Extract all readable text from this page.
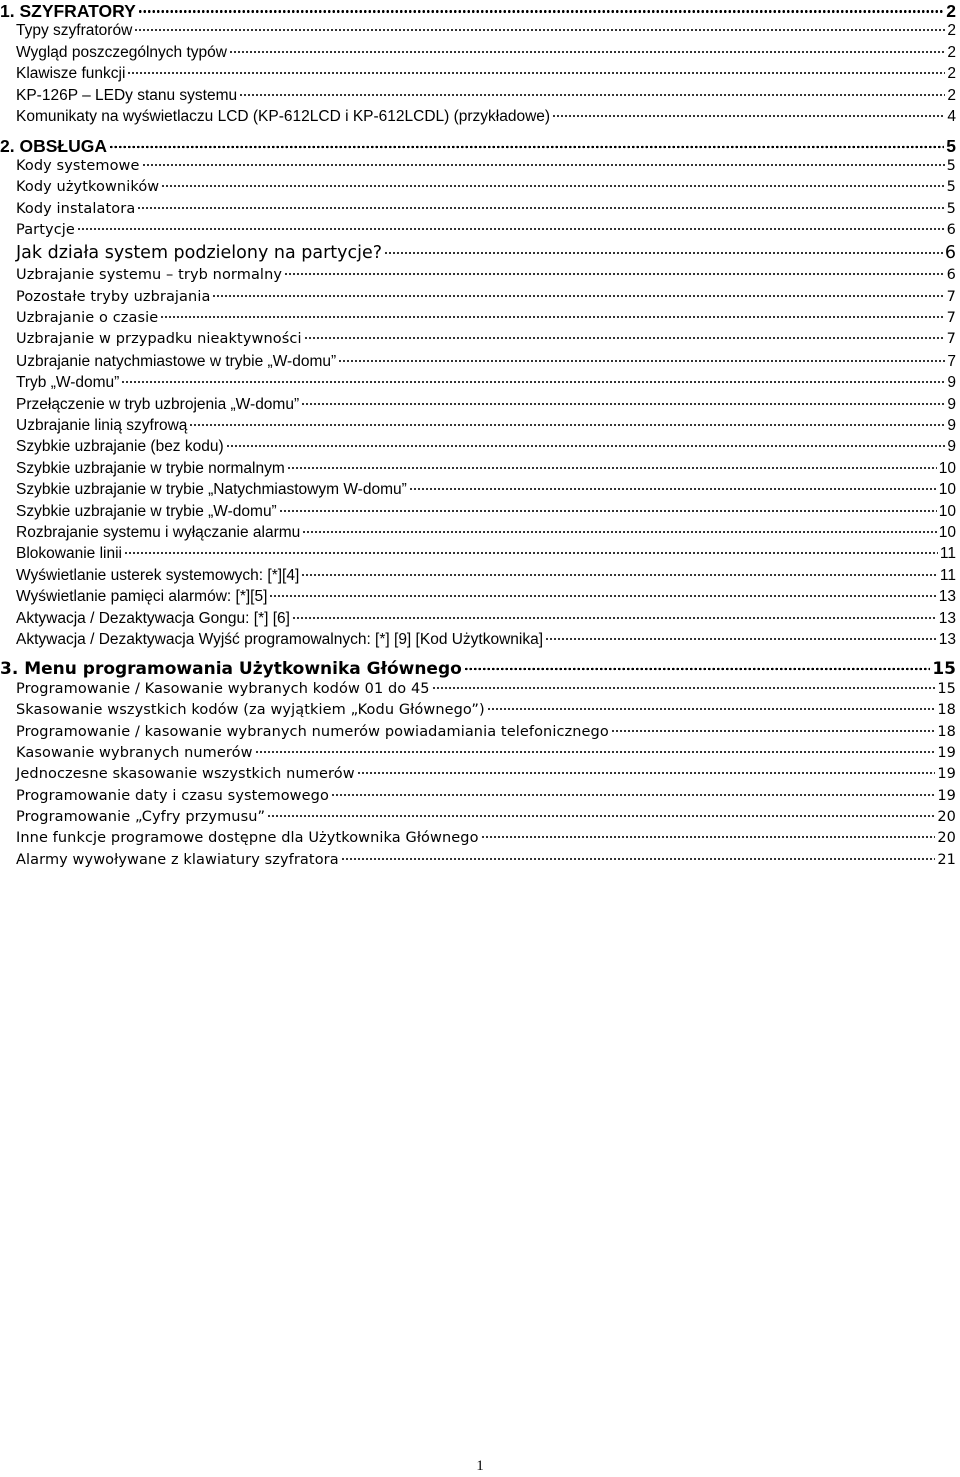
1. SZYFRATORY	2
Typy szyfratorów	2
Wygląd poszczególnych typów	2
Klawisze funkcji	2
KP-126P – LEDy stanu systemu	2
Komunikaty na wyświetlaczu LCD (KP-612LCD i KP-612LCDL) (przykładowe)	4
2. OBSŁUGA	5
Kody systemowe	5
Kody użytkowników	5
Kody instalatora	5
Partycje	6
Jak działa system podzielony na partycje?	6
Uzbrajanie systemu – tryb normalny	6
Pozostałe tryby uzbrajania	7
Uzbrajanie o czasie	7
Uzbrajanie w przypadku nieaktywności	7
Uzbrajanie natychmiastowe w trybie „W-domu”	7
Tryb „W-domu”	9
Przełączenie w tryb uzbrojenia „W-domu”	9
Uzbrajanie linią szyfrową	9
Szybkie uzbrajanie (bez kodu)	9
Szybkie uzbrajanie w trybie normalnym	10
Szybkie uzbrajanie w trybie „Natychmiastowym W-domu”	10
Szybkie uzbrajanie w trybie „W-domu”	10
Rozbrajanie systemu i wyłączanie alarmu	10
Blokowanie linii	11
Wyświetlanie usterek systemowych: [*][4]	11
Wyświetlanie pamięci alarmów: [*][5]	13
Aktywacja / Dezaktywacja Gongu: [*] [6]	13
Aktywacja / Dezaktywacja Wyjść programowalnych: [*] [9] [Kod Użytkownika]	13
3. Menu programowania Użytkownika Głównego	15
Programowanie / Kasowanie wybranych kodów 01 do 45	15
Skasowanie wszystkich kodów (za wyjątkiem „Kodu Głównego”)	18
Programowanie / kasowanie wybranych numerów powiadamiania telefonicznego	18
Kasowanie wybranych numerów	19
Jednoczesne skasowanie wszystkich numerów	19
Programowanie daty i czasu systemowego	19
Programowanie „Cyfry przymusu”	20
Inne funkcje programowe dostępne dla Użytkownika Głównego	20
Alarmy wywoływane z klawiatury szyfratora	21
1
